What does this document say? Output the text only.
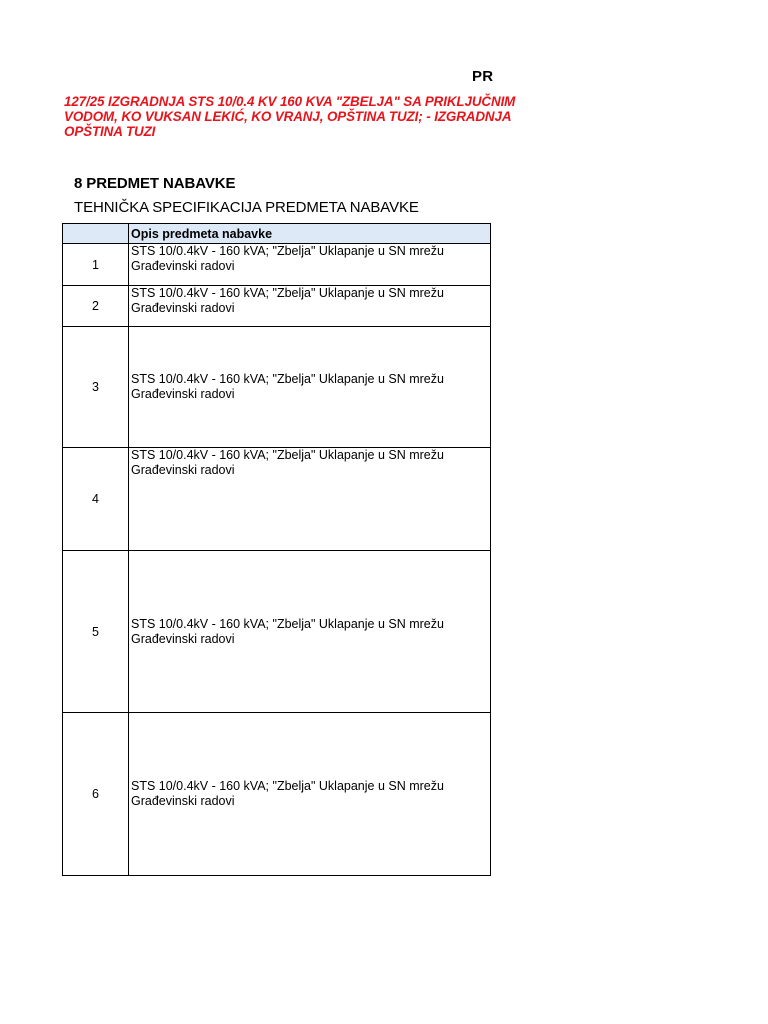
PR
127/25 IZGRADNJA STS 10/0.4 KV 160 KVA "ZBELJA" SA PRIKLJUČNIM
VODOM, KO VUKSAN LEKIĆ, KO VRANJ, OPŠTINA TUZI; - IZGRADNJA
OPŠTINA TUZI
8 PREDMET NABAVKE
TEHNIČKA SPECIFIKACIJA PREDMETA NABAVKE
	Opis predmeta nabavke
1	STS 10/0.4kV - 160 kVA; "Zbelja" Uklapanje u SN mrežu
Građevinski radovi

2	STS 10/0.4kV - 160 kVA; "Zbelja" Uklapanje u SN mrežu
Građevinski radovi

3	STS 10/0.4kV - 160 kVA; "Zbelja" Uklapanje u SN mrežu
Građevinski radovi

4	STS 10/0.4kV - 160 kVA; "Zbelja" Uklapanje u SN mrežu
Građevinski radovi

5	STS 10/0.4kV - 160 kVA; "Zbelja" Uklapanje u SN mrežu
Građevinski radovi

6	STS 10/0.4kV - 160 kVA; "Zbelja" Uklapanje u SN mrežu
Građevinski radovi
